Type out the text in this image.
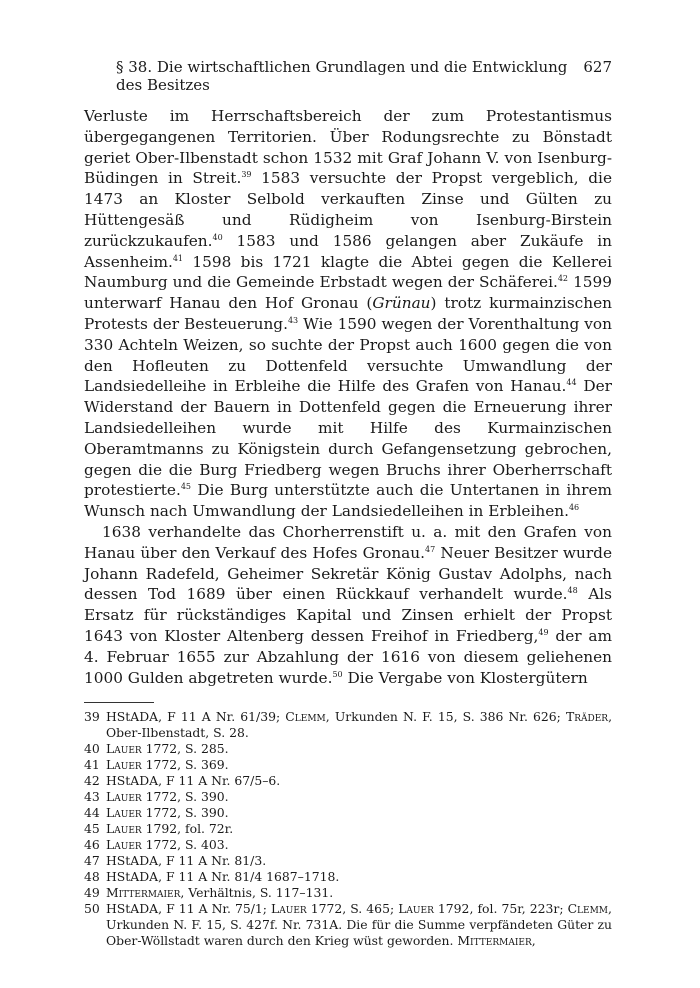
§ 38. Die wirtschaftlichen Grundlagen und die Entwicklung des Besitzes
627

Verluste im Herrschaftsbereich der zum Protestantismus übergegangenen Territorien. Über Rodungsrechte zu Bönstadt geriet Ober-Ilbenstadt schon 1532 mit Graf Johann V. von Isenburg-Büdingen in Streit.$^{39}$ 1583 versuchte der Propst vergeblich, die 1473 an Kloster Selbold verkauften Zinse und Gülten zu Hüttengesäß und Rüdigheim von Isenburg-Birstein zurückzukaufen.$^{40}$ 1583 und 1586 gelangen aber Zukäufe in Assenheim.$^{41}$ 1598 bis 1721 klagte die Abtei gegen die Kellerei Naumburg und die Gemeinde Erbstadt wegen der Schäferei.$^{42}$ 1599 unterwarf Hanau den Hof Gronau (Grünau) trotz kurmainzischen Protests der Besteuerung.$^{43}$ Wie 1590 wegen der Vorenthaltung von 330 Achteln Weizen, so suchte der Propst auch 1600 gegen die von den Hofleuten zu Dottenfeld versuchte Umwandlung der Landsiedelleihe in Erbleihe die Hilfe des Grafen von Hanau.$^{44}$ Der Widerstand der Bauern in Dottenfeld gegen die Erneuerung ihrer Landsiedelleihen wurde mit Hilfe des Kurmainzischen Oberamtmanns zu Königstein durch Gefangensetzung gebrochen, gegen die die Burg Friedberg wegen Bruchs ihrer Oberherrschaft protestierte.$^{45}$ Die Burg unterstützte auch die Untertanen in ihrem Wunsch nach Umwandlung der Landsiedelleihen in Erbleihen.$^{46}$

1638 verhandelte das Chorherrenstift u. a. mit den Grafen von Hanau über den Verkauf des Hofes Gronau.$^{47}$ Neuer Besitzer wurde Johann Radefeld, Geheimer Sekretär König Gustav Adolphs, nach dessen Tod 1689 über einen Rückkauf verhandelt wurde.$^{48}$ Als Ersatz für rückständiges Kapital und Zinsen erhielt der Propst 1643 von Kloster Altenberg dessen Freihof in Friedberg,$^{49}$ der am 4. Februar 1655 zur Abzahlung der 1616 von diesem geliehenen 1000 Gulden abgetreten wurde.$^{50}$ Die Vergabe von Klostergütern

39 HStADA, F 11 A Nr. 61/39; Clemm, Urkunden N. F. 15, S. 386 Nr. 626; Träder, Ober-Ilbenstadt, S. 28.
40 Lauer 1772, S. 285.
41 Lauer 1772, S. 369.
42 HStADA, F 11 A Nr. 67/5–6.
43 Lauer 1772, S. 390.
44 Lauer 1772, S. 390.
45 Lauer 1792, fol. 72r.
46 Lauer 1772, S. 403.
47 HStADA, F 11 A Nr. 81/3.
48 HStADA, F 11 A Nr. 81/4 1687–1718.
49 Mittermaier, Verhältnis, S. 117–131.
50 HStADA, F 11 A Nr. 75/1; Lauer 1772, S. 465; Lauer 1792, fol. 75r, 223r; Clemm, Urkunden N. F. 15, S. 427f. Nr. 731A. Die für die Summe verpfändeten Güter zu Ober-Wöllstadt waren durch den Krieg wüst geworden. Mittermaier,
